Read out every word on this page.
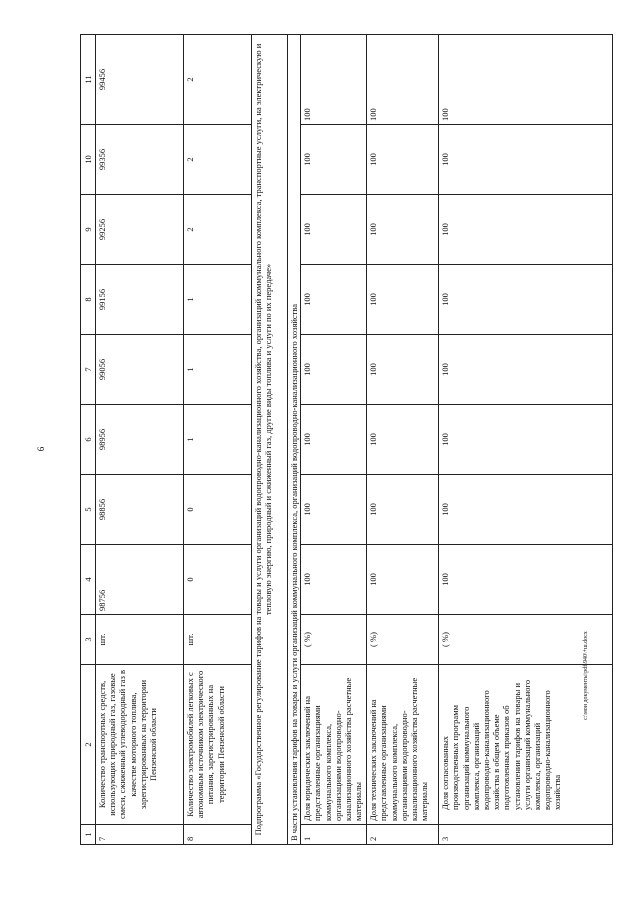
9
1	2	3	4	5	6	7	8	9	10	11
7	Количество транспортных средств, использующих природный газ, газовые смеси, сжиженный углеводородный газ в качестве моторного топлива, зарегистрированных на территории Пензенской области	шт.	98756	98856	98956	99056	99156	99256	99356	99456
8	Количество электромобилей легковых с автономным источником электрического питания, зарегистрированных на территории Пензенской области	шт.	0	0	1	1	1	2	2	2
Подпрограмма «Государственное регулирование тарифов на товары и услуги организаций водопроводно-канализационного хозяйства, организаций коммунального комплекса, транспортные услуги, на электрическую и тепловую энергию, природный и сжиженный газ, другие виды топлива и услуги по их передаче»										
В части установления тарифов на товары и услуги организаций коммунального комплекса, организаций водопроводно-канализационного хозяйства										
1	Доля юридических заключений на представленные организациями коммунального комплекса, организациями водопроводно-канализационного хозяйства расчетные материалы	( %)	100	100	100	100	100	100	100	100
2	Доля технических заключений на представленные организациями коммунального комплекса, организациями водопроводно-канализационного хозяйства расчетные материалы	( %)	100	100	100	100	100	100	100	100
3	Доля согласованных производственных программ организаций коммунального комплекса, организаций водопроводно-канализационного хозяйства в общем объеме подготовленных приказов об установлении тарифов на товары и услуги организаций коммунального комплекса, организаций водопроводно-канализационного хозяйства	( %)	100	100	100	100	100	100	100	100
c:\мои документы\pdf\940\+ш.docx
